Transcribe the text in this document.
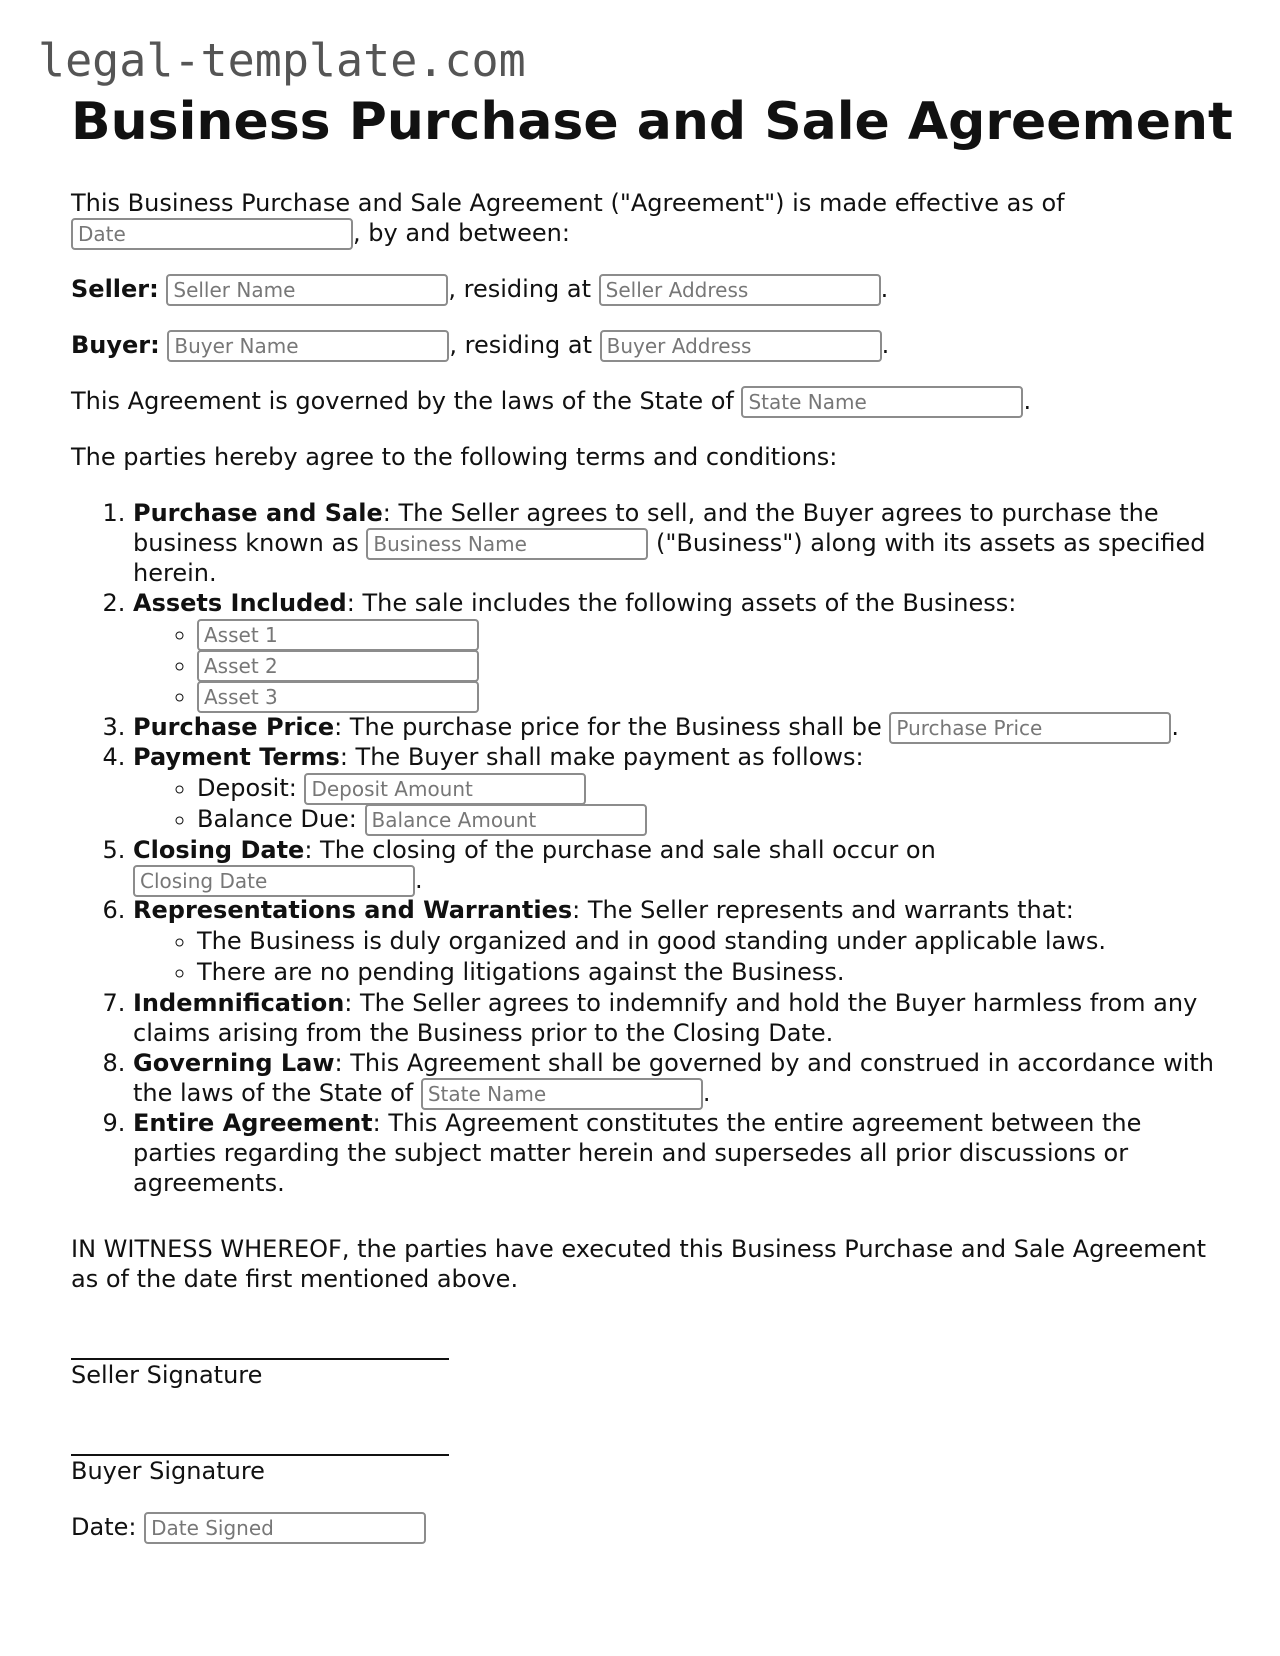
legal-template.com
Business Purchase and Sale Agreement

This Business Purchase and Sale Agreement ("Agreement") is made effective as of Date, by and between:

Seller: Seller Name	, residing at Seller Address	.

Buyer: Buyer Name	, residing at Buyer Address	.

This Agreement is governed by the laws of the State of State Name	.

The parties hereby agree to the following terms and conditions:

1. Purchase and Sale: The Seller agrees to sell, and the Buyer agrees to purchase the business known as Business Name	("Business") along with its assets as specified herein.
2. Assets Included: The sale includes the following assets of the Business:
◦ Asset 1
◦ Asset 2
◦ Asset 3
3. Purchase Price: The purchase price for the Business shall be Purchase Price	.
4. Payment Terms: The Buyer shall make payment as follows:
◦ Deposit: Deposit Amount
◦ Balance Due: Balance Amount
5. Closing Date: The closing of the purchase and sale shall occur on Closing Date.
6. Representations and Warranties: The Seller represents and warrants that:
◦ The Business is duly organized and in good standing under applicable laws.
◦ There are no pending litigations against the Business.
7. Indemnification: The Seller agrees to indemnify and hold the Buyer harmless from any claims arising from the Business prior to the Closing Date.
8. Governing Law: This Agreement shall be governed by and construed in accordance with the laws of the State of State Name	.
9. Entire Agreement: This Agreement constitutes the entire agreement between the parties regarding the subject matter herein and supersedes all prior discussions or agreements.

IN WITNESS WHEREOF, the parties have executed this Business Purchase and Sale Agreement as of the date first mentioned above.

Seller Signature
Buyer Signature

Date: Date Signed
